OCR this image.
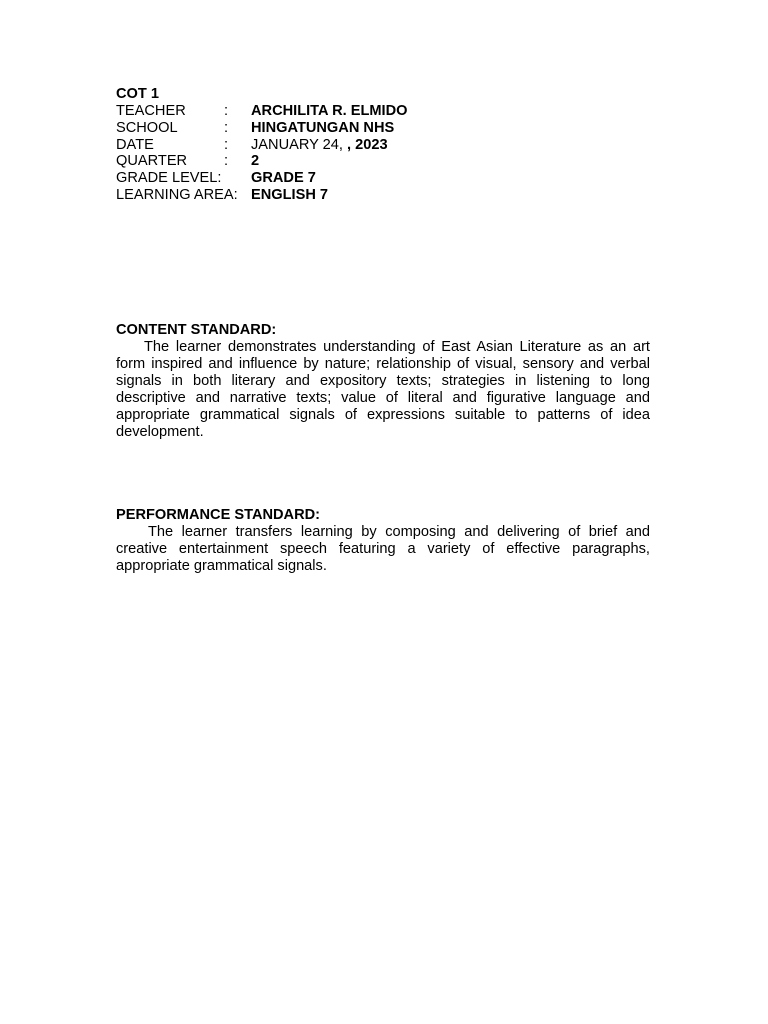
COT 1
TEACHER	: ARCHILITA R. ELMIDO
SCHOOL	: HINGATUNGAN NHS
DATE	: JANUARY 24, , 2023
QUARTER	: 2
GRADE LEVEL: GRADE 7
LEARNING AREA: ENGLISH 7
CONTENT STANDARD:

The learner demonstrates understanding of East Asian Literature as an art form inspired and influence by nature; relationship of visual, sensory and verbal signals in both literary and expository texts; strategies in listening to long descriptive and narrative texts; value of literal and figurative language and appropriate grammatical signals of expressions suitable to patterns of idea development.

PERFORMANCE STANDARD:

The learner transfers learning by composing and delivering of brief and creative entertainment speech featuring a variety of effective paragraphs, appropriate grammatical signals.
